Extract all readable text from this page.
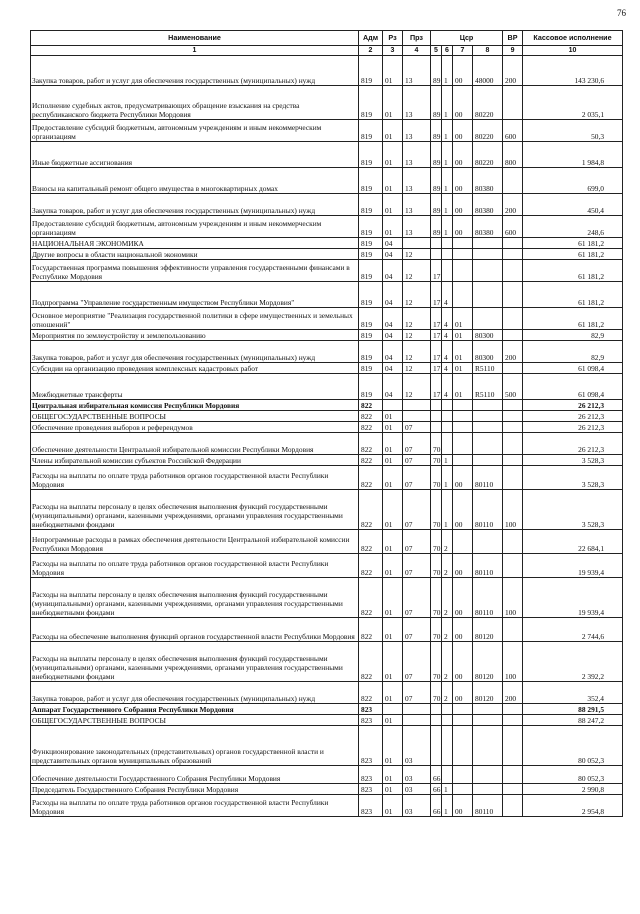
76
Наименование	Адм	Рз	Прз	Цср				ВР	Кассовое исполнение
1	2	3	4	5	6	7	8	9	10
Закупка товаров, работ и услуг для обеспечения государственных (муниципальных) нужд	819	01	13	89	1	00	48000	200	143 230,6
Исполнение судебных актов, предусматривающих обращение взыскания на средства республиканского бюджета Республики Мордовия	819	01	13	89	1	00	80220		2 035,1
Предоставление субсидий бюджетным, автономным учреждениям и иным некоммерческим организациям	819	01	13	89	1	00	80220	600	50,3
Иные бюджетные ассигнования	819	01	13	89	1	00	80220	800	1 984,8
Взносы на капитальный ремонт общего имущества в многоквартирных домах	819	01	13	89	1	00	80380		699,0
Закупка товаров, работ и услуг для обеспечения государственных (муниципальных) нужд	819	01	13	89	1	00	80380	200	450,4
Предоставление субсидий бюджетным, автономным учреждениям и иным некоммерческим организациям	819	01	13	89	1	00	80380	600	248,6
НАЦИОНАЛЬНАЯ ЭКОНОМИКА	819	04							61 181,2
Другие вопросы в области национальной экономики	819	04	12						61 181,2
Государственная программа повышения эффективности управления государственными финансами в Республике Мордовия	819	04	12	17					61 181,2
Подпрограмма "Управление государственным имуществом Республики Мордовия"	819	04	12	17	4				61 181,2
Основное мероприятие "Реализация государственной политики в сфере имущественных и земельных отношений"	819	04	12	17	4	01			61 181,2
Мероприятия по землеустройству и землепользованию	819	04	12	17	4	01	80300		82,9
Закупка товаров, работ и услуг для обеспечения государственных (муниципальных) нужд	819	04	12	17	4	01	80300	200	82,9
Субсидии на организацию проведения комплексных кадастровых работ	819	04	12	17	4	01	R5110		61 098,4
Межбюджетные трансферты	819	04	12	17	4	01	R5110	500	61 098,4
Центральная избирательная комиссия Республики Мордовия	822								26 212,3
ОБЩЕГОСУДАРСТВЕННЫЕ ВОПРОСЫ	822	01							26 212,3
Обеспечение проведения выборов и референдумов	822	01	07						26 212,3
Обеспечение деятельности Центральной избирательной комиссии Республики Мордовия	822	01	07	70					26 212,3
Члены избирательной комиссии субъектов Российской Федерации	822	01	07	70	1				3 528,3
Расходы на выплаты по оплате труда работников органов государственной власти Республики Мордовия	822	01	07	70	1	00	80110		3 528,3
Расходы на выплаты персоналу в целях обеспечения выполнения функций государственными (муниципальными) органами, казенными учреждениями, органами управления государственными внебюджетными фондами	822	01	07	70	1	00	80110	100	3 528,3
Непрограммные расходы в рамках обеспечения деятельности Центральной избирательной комиссии Республики Мордовия	822	01	07	70	2				22 684,1
Расходы на выплаты по оплате труда работников органов государственной власти Республики Мордовия	822	01	07	70	2	00	80110		19 939,4
Расходы на выплаты персоналу в целях обеспечения выполнения функций государственными (муниципальными) органами, казенными учреждениями, органами управления государственными внебюджетными фондами	822	01	07	70	2	00	80110	100	19 939,4
Расходы на обеспечение выполнения функций органов государственной власти Республики Мордовия	822	01	07	70	2	00	80120		2 744,6
Расходы на выплаты персоналу в целях обеспечения выполнения функций государственными (муниципальными) органами, казенными учреждениями, органами управления государственными внебюджетными фондами	822	01	07	70	2	00	80120	100	2 392,2
Закупка товаров, работ и услуг для обеспечения государственных (муниципальных) нужд	822	01	07	70	2	00	80120	200	352,4
Аппарат Государственного Собрания Республики Мордовия	823								88 291,5
ОБЩЕГОСУДАРСТВЕННЫЕ ВОПРОСЫ	823	01							88 247,2
Функционирование законодательных (представительных) органов государственной власти и представительных органов муниципальных образований	823	01	03						80 052,3
Обеспечение деятельности Государственного Собрания Республики Мордовия	823	01	03	66					80 052,3
Председатель Государственного Собрания Республики Мордовия	823	01	03	66	1				2 990,8
Расходы на выплаты по оплате труда работников органов государственной власти Республики Мордовия	823	01	03	66	1	00	80110		2 954,8
